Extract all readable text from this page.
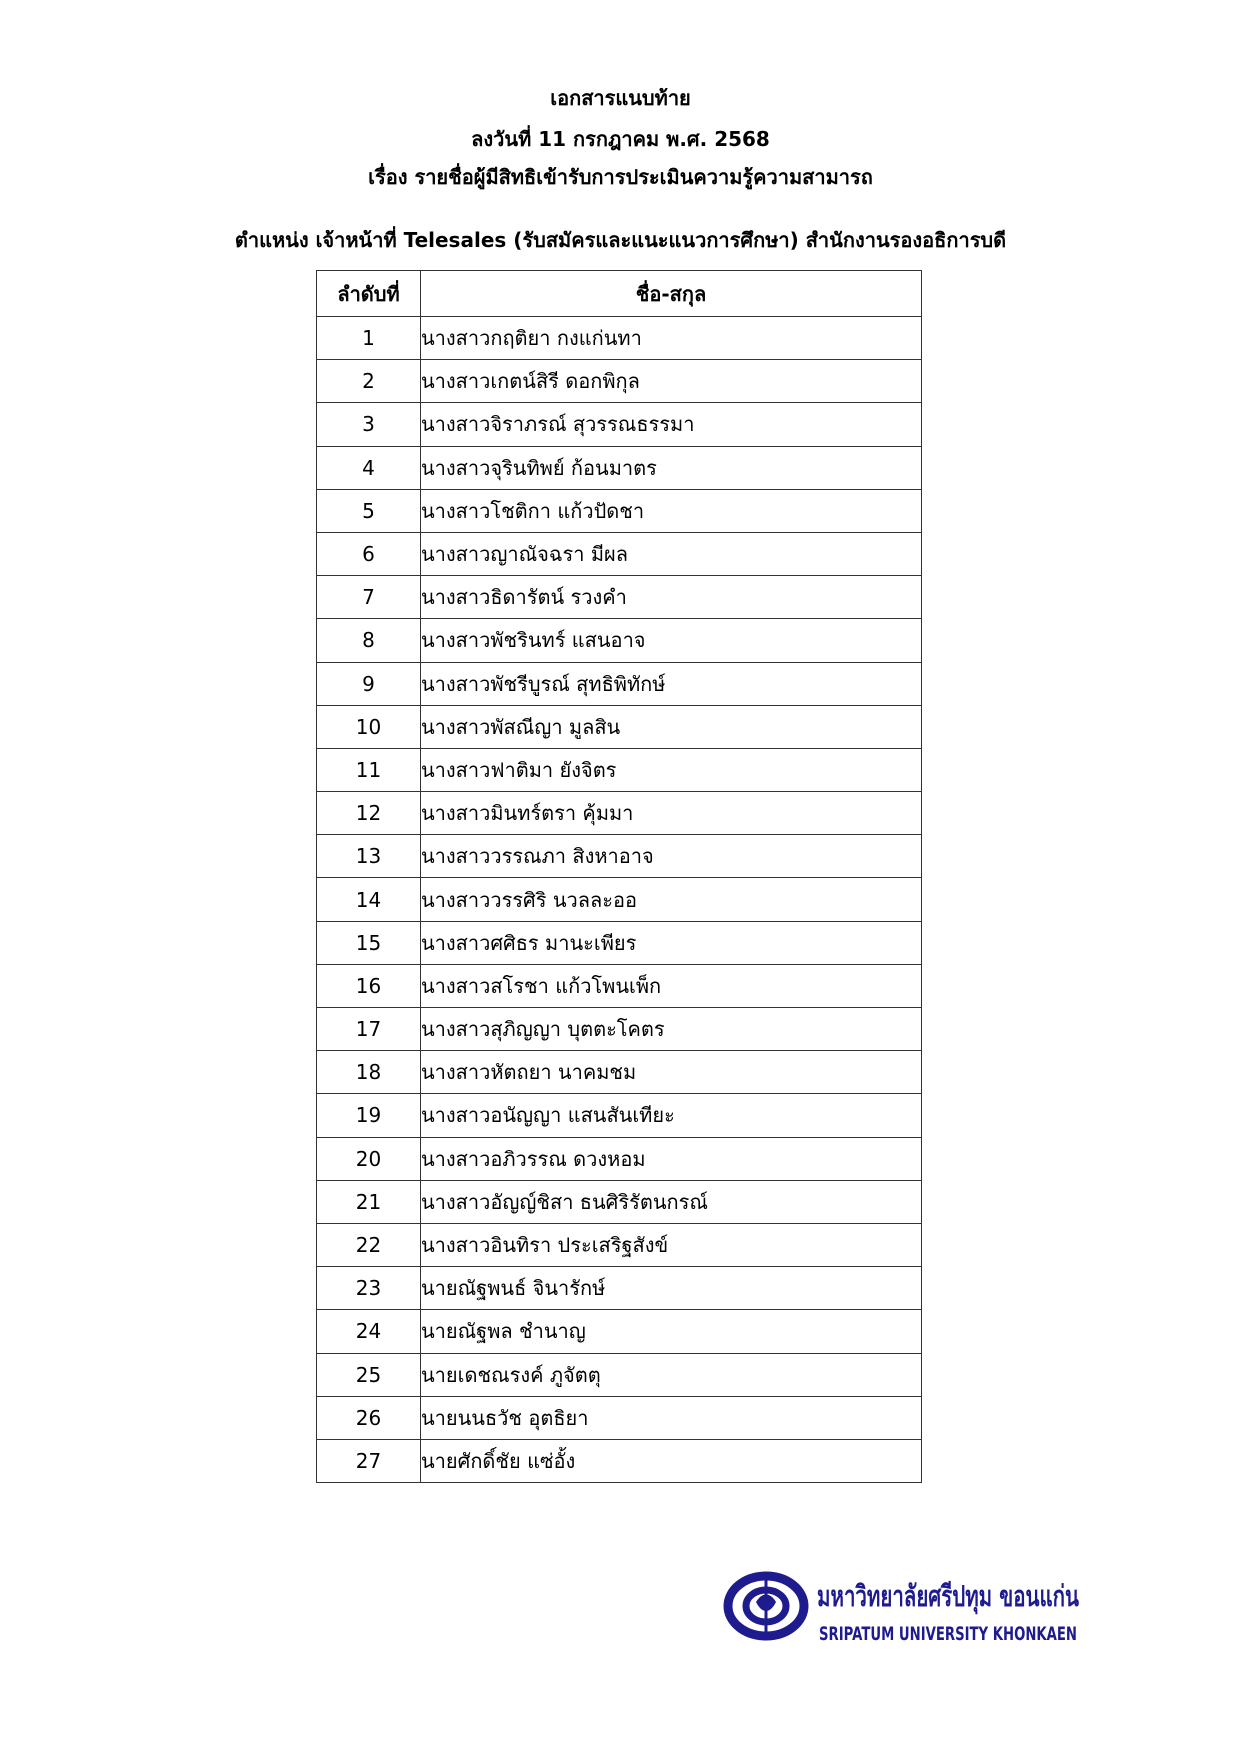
เอกสารแนบท้าย
ลงวันที่ 11 กรกฎาคม พ.ศ. 2568
เรื่อง รายชื่อผู้มีสิทธิเข้ารับการประเมินความรู้ความสามารถ
ตำแหน่ง เจ้าหน้าที่ Telesales (รับสมัครและแนะแนวการศึกษา) สำนักงานรองอธิการบดี
ลำดับที่	ชื่อ-สกุล
1	นางสาวกฤติยา กงแก่นทา
2	นางสาวเกตน์สิรี ดอกพิกุล
3	นางสาวจิราภรณ์ สุวรรณธรรมา
4	นางสาวจุรินทิพย์ ก้อนมาตร
5	นางสาวโชติกา แก้วปัดชา
6	นางสาวญาณัจฉรา มีผล
7	นางสาวธิดารัตน์ รวงคำ
8	นางสาวพัชรินทร์ แสนอาจ
9	นางสาวพัชรีบูรณ์ สุทธิพิทักษ์
10	นางสาวพัสณีญา มูลสิน
11	นางสาวฟาติมา ยังจิตร
12	นางสาวมินทร์ตรา คุ้มมา
13	นางสาววรรณภา สิงหาอาจ
14	นางสาววรรศิริ นวลละออ
15	นางสาวศศิธร มานะเพียร
16	นางสาวสโรชา แก้วโพนเพ็ก
17	นางสาวสุภิญญา บุตตะโคตร
18	นางสาวหัตถยา นาคมชม
19	นางสาวอนัญญา แสนสันเทียะ
20	นางสาวอภิวรรณ ดวงหอม
21	นางสาวอัญญ์ชิสา ธนศิริรัตนกรณ์
22	นางสาวอินทิรา ประเสริฐสังข์
23	นายณัฐพนธ์ จินารักษ์
24	นายณัฐพล ชำนาญ
25	นายเดชณรงค์ ภูจัตตุ
26	นายนนธวัช อุตธิยา
27	นายศักดิ์ชัย แซ่อั้ง
มหาวิทยาลัยศรีปทุม ขอนแก่น
SRIPATUM UNIVERSITY KHONKAEN
